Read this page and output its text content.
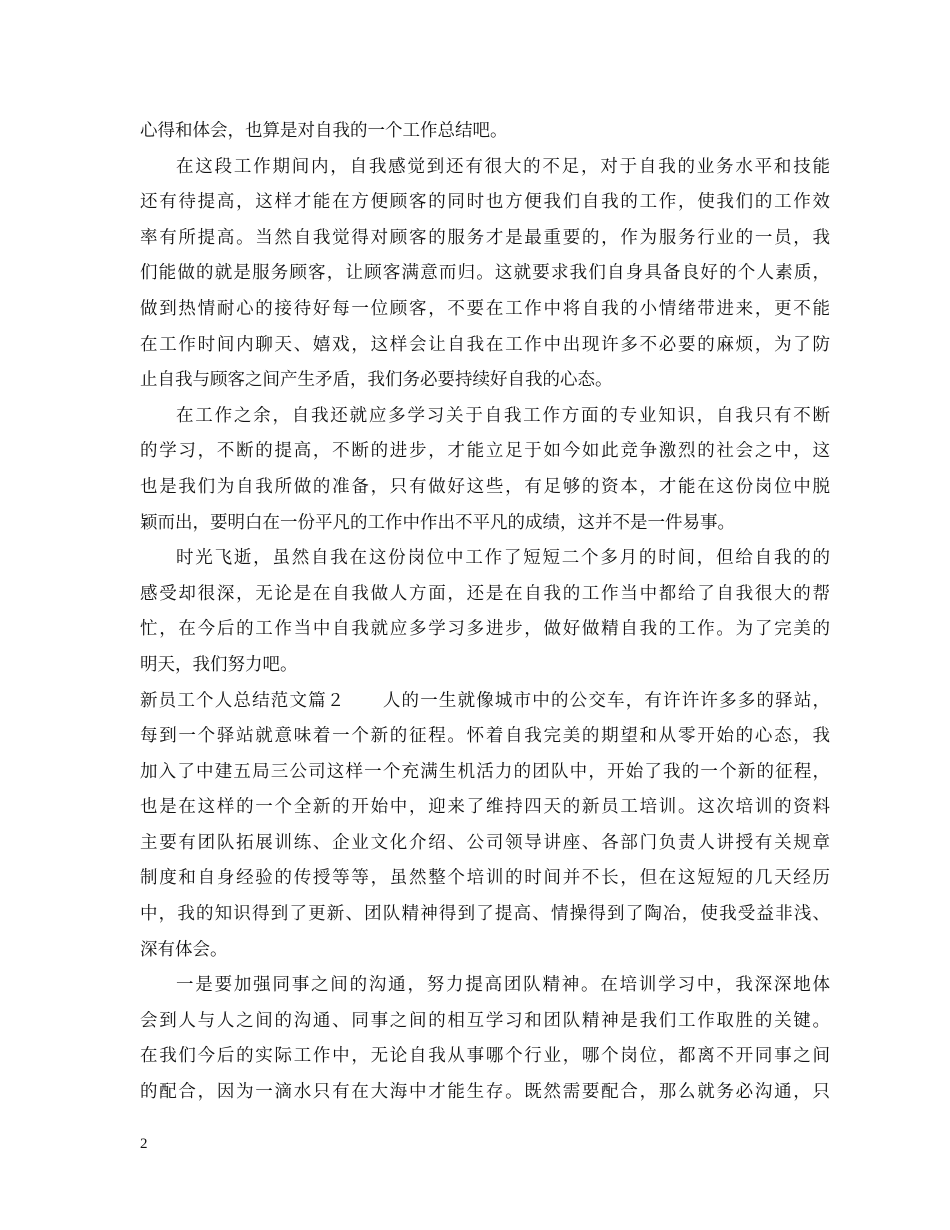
心得和体会，也算是对自我的一个工作总结吧。
在这段工作期间内，自我感觉到还有很大的不足，对于自我的业务水平和技能
还有待提高，这样才能在方便顾客的同时也方便我们自我的工作，使我们的工作效
率有所提高。当然自我觉得对顾客的服务才是最重要的，作为服务行业的一员，我
们能做的就是服务顾客，让顾客满意而归。这就要求我们自身具备良好的个人素质，
做到热情耐心的接待好每一位顾客，不要在工作中将自我的小情绪带进来，更不能
在工作时间内聊天、嬉戏，这样会让自我在工作中出现许多不必要的麻烦，为了防
止自我与顾客之间产生矛盾，我们务必要持续好自我的心态。
在工作之余，自我还就应多学习关于自我工作方面的专业知识，自我只有不断
的学习，不断的提高，不断的进步，才能立足于如今如此竞争激烈的社会之中，这
也是我们为自我所做的准备，只有做好这些，有足够的资本，才能在这份岗位中脱
颖而出，要明白在一份平凡的工作中作出不平凡的成绩，这并不是一件易事。
时光飞逝，虽然自我在这份岗位中工作了短短二个多月的时间，但给自我的的
感受却很深，无论是在自我做人方面，还是在自我的工作当中都给了自我很大的帮
忙，在今后的工作当中自我就应多学习多进步，做好做精自我的工作。为了完美的
明天，我们努力吧。
新员工个人总结范文篇２　　人的一生就像城市中的公交车，有许许许多多的驿站，
每到一个驿站就意味着一个新的征程。怀着自我完美的期望和从零开始的心态，我
加入了中建五局三公司这样一个充满生机活力的团队中，开始了我的一个新的征程，
也是在这样的一个全新的开始中，迎来了维持四天的新员工培训。这次培训的资料
主要有团队拓展训练、企业文化介绍、公司领导讲座、各部门负责人讲授有关规章
制度和自身经验的传授等等，虽然整个培训的时间并不长，但在这短短的几天经历
中，我的知识得到了更新、团队精神得到了提高、情操得到了陶冶，使我受益非浅、
深有体会。
一是要加强同事之间的沟通，努力提高团队精神。在培训学习中，我深深地体
会到人与人之间的沟通、同事之间的相互学习和团队精神是我们工作取胜的关键。
在我们今后的实际工作中，无论自我从事哪个行业，哪个岗位，都离不开同事之间
的配合，因为一滴水只有在大海中才能生存。既然需要配合，那么就务必沟通，只
2
